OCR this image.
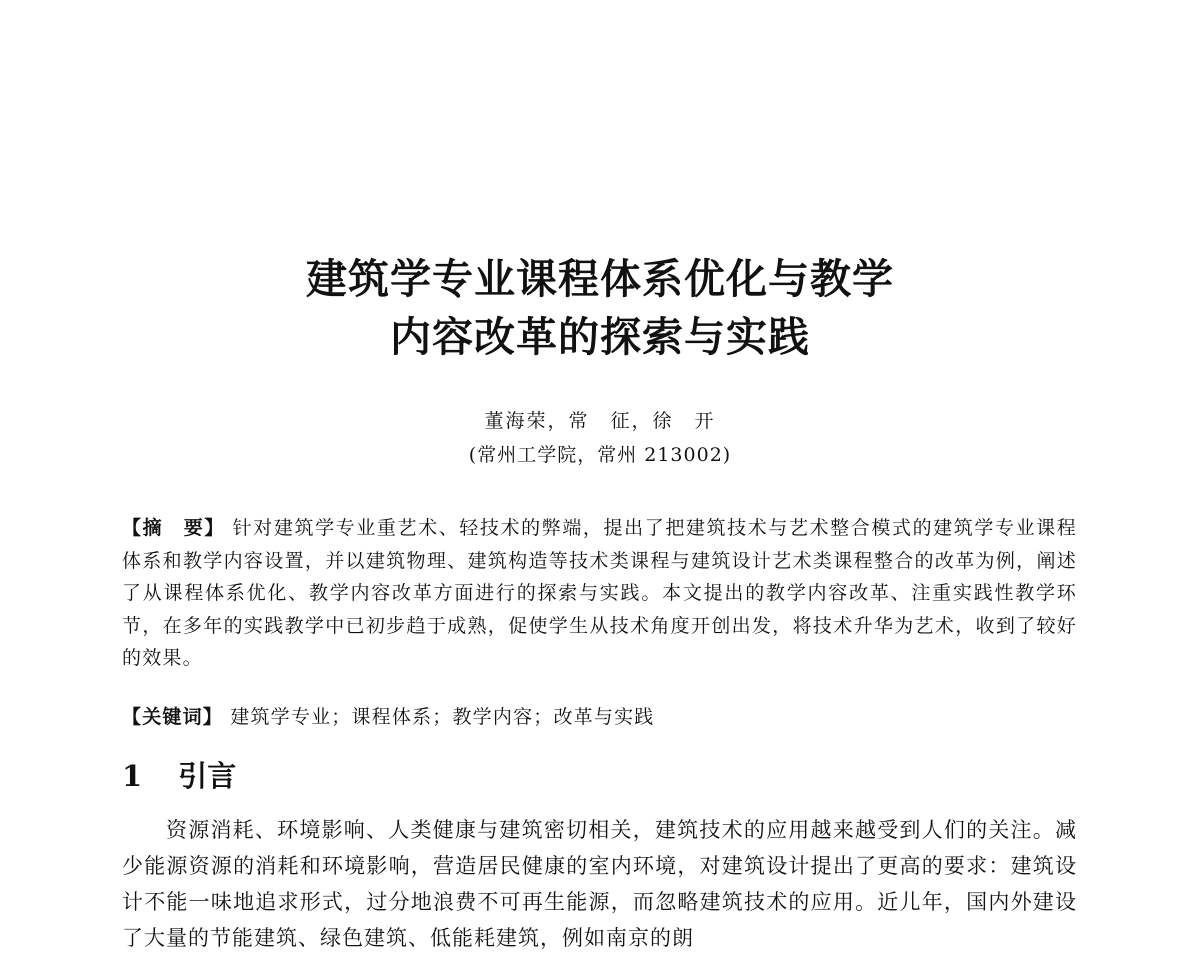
建筑学专业课程体系优化与教学
内容改革的探索与实践
董海荣，常　征，徐　开
(常州工学院，常州 213002)
【摘　要】 针对建筑学专业重艺术、轻技术的弊端，提出了把建筑技术与艺术整合模式的建筑学专业课程体系和教学内容设置，并以建筑物理、建筑构造等技术类课程与建筑设计艺术类课程整合的改革为例，阐述了从课程体系优化、教学内容改革方面进行的探索与实践。本文提出的教学内容改革、注重实践性教学环节，在多年的实践教学中已初步趋于成熟，促使学生从技术角度开创出发，将技术升华为艺术，收到了较好的效果。
【关键词】 建筑学专业；课程体系；教学内容；改革与实践
1 引言
资源消耗、环境影响、人类健康与建筑密切相关，建筑技术的应用越来越受到人们的关注。减少能源资源的消耗和环境影响，营造居民健康的室内环境，对建筑设计提出了更高的要求：建筑设计不能一味地追求形式，过分地浪费不可再生能源，而忽略建筑技术的应用。近儿年，国内外建设了大量的节能建筑、绿色建筑、低能耗建筑，例如南京的朗
